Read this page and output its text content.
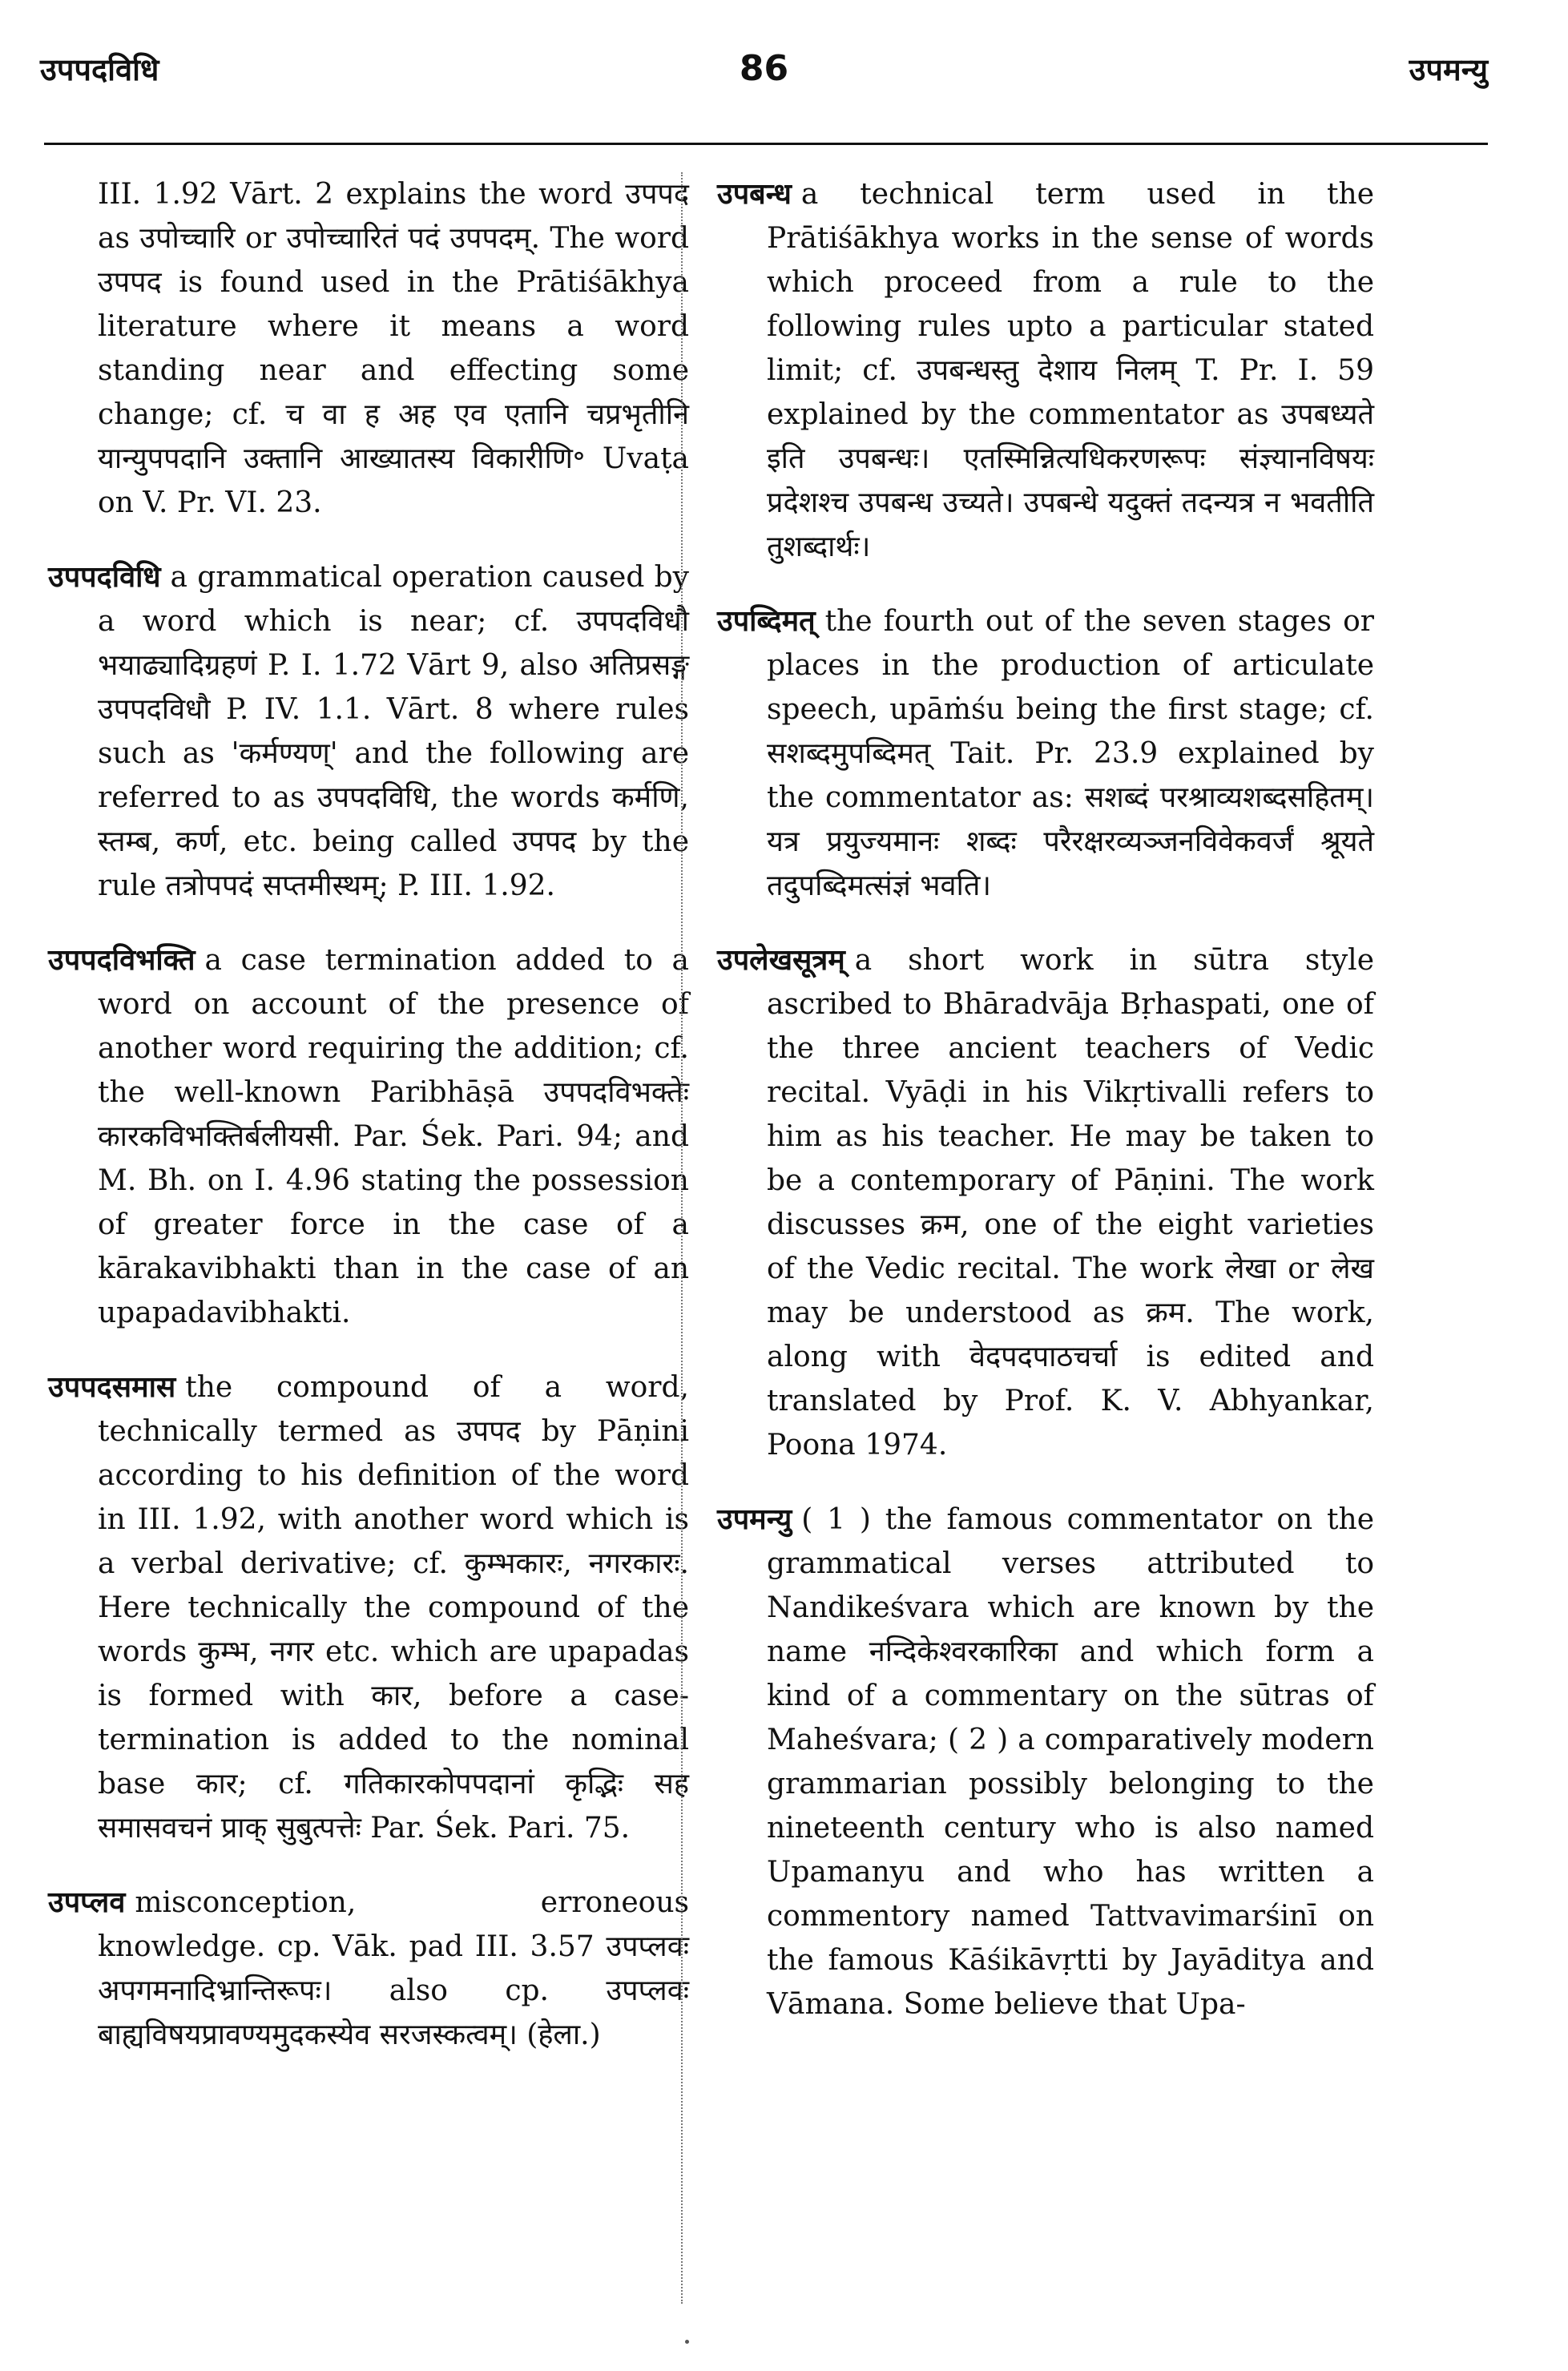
उपपदविधि	86	उपमन्यु

III. 1.92 Vārt. 2 explains the word उपपद as उपोच्चारि or उपोच्चारितं पदं उपपदम्. The word उपपद is found used in the Prātiśākhya literature where it means a word standing near and effecting some change; cf. च वा ह अह एव एतानि चप्रभृतीनि यान्युपपदानि उक्तानि आख्यातस्य विकारीणि॰ Uvaṭa on V. Pr. VI. 23.

उपपदविधि a grammatical operation caused by a word which is near; cf. उपपदविधौ भयाढ्यादिग्रहणं P. I. 1.72 Vārt 9, also अतिप्रसङ्ग उपपदविधौ P. IV. 1.1. Vārt. 8 where rules such as 'कर्मण्यण्' and the following are referred to as उपपदविधि, the words कर्मणि, स्तम्ब, कर्ण, etc. being called उपपद by the rule तत्रोपपदं सप्तमीस्थम्; P. III. 1.92.

उपपदविभक्ति a case termination added to a word on account of the presence of another word requiring the addition; cf. the well-known Paribhāṣā उपपदविभक्तेः कारकविभक्तिर्बलीयसी. Par. Śek. Pari. 94; and M. Bh. on I. 4.96 stating the possession of greater force in the case of a kārakavibhakti than in the case of an upapadavibhakti.

उपपदसमास the compound of a word, technically termed as उपपद by Pāṇini according to his definition of the word in III. 1.92, with another word which is a verbal derivative; cf. कुम्भकारः, नगरकारः. Here technically the compound of the words कुम्भ, नगर etc. which are upapadas is formed with कार, before a case-termination is added to the nominal base कार; cf. गतिकारकोपपदानां कृद्भिः सह समासवचनं प्राक् सुबुत्पत्तेः Par. Śek. Pari. 75.

उपप्लव misconception, erroneous knowledge. cp. Vāk. pad III. 3.57 उपप्लवः अपगमनादिभ्रान्तिरूपः। also cp. उपप्लवः बाह्यविषयप्रावण्यमुदकस्येव सरजस्कत्वम्। (हेला.)

उपबन्ध a technical term used in the Prātiśākhya works in the sense of words which proceed from a rule to the following rules upto a particular stated limit; cf. उपबन्धस्तु देशाय निलम् T. Pr. I. 59 explained by the commentator as उपबध्यते इति उपबन्धः। एतस्मिन्नित्यधिकरणरूपः संज्ञ्यानविषयः प्रदेशश्च उपबन्ध उच्यते। उपबन्धे यदुक्तं तदन्यत्र न भवतीति तुशब्दार्थः।

उपब्दिमत् the fourth out of the seven stages or places in the production of articulate speech, upāṁśu being the first stage; cf. सशब्दमुपब्दिमत् Tait. Pr. 23.9 explained by the commentator as: सशब्दं परश्राव्यशब्दसहितम्। यत्र प्रयुज्यमानः शब्दः परैरक्षरव्यञ्जनविवेकवर्जं श्रूयते तदुपब्दिमत्संज्ञं भवति।

उपलेखसूत्रम् a short work in sūtra style ascribed to Bhāradvāja Bṛhaspati, one of the three ancient teachers of Vedic recital. Vyāḍi in his Vikṛtivalli refers to him as his teacher. He may be taken to be a contemporary of Pāṇini. The work discusses क्रम, one of the eight varieties of the Vedic recital. The work लेखा or लेख may be understood as क्रम. The work, along with वेदपदपाठचर्चा is edited and translated by Prof. K. V. Abhyankar, Poona 1974.

उपमन्यु ( 1 ) the famous commentator on the grammatical verses attributed to Nandikeśvara which are known by the name नन्दिकेश्वरकारिका and which form a kind of a commentary on the sūtras of Maheśvara; ( 2 ) a comparatively modern grammarian possibly belonging to the nineteenth century who is also named Upamanyu and who has written a commentory named Tattvavimarśinī on the famous Kāśikāvṛtti by Jayāditya and Vāmana. Some believe that Upa-
